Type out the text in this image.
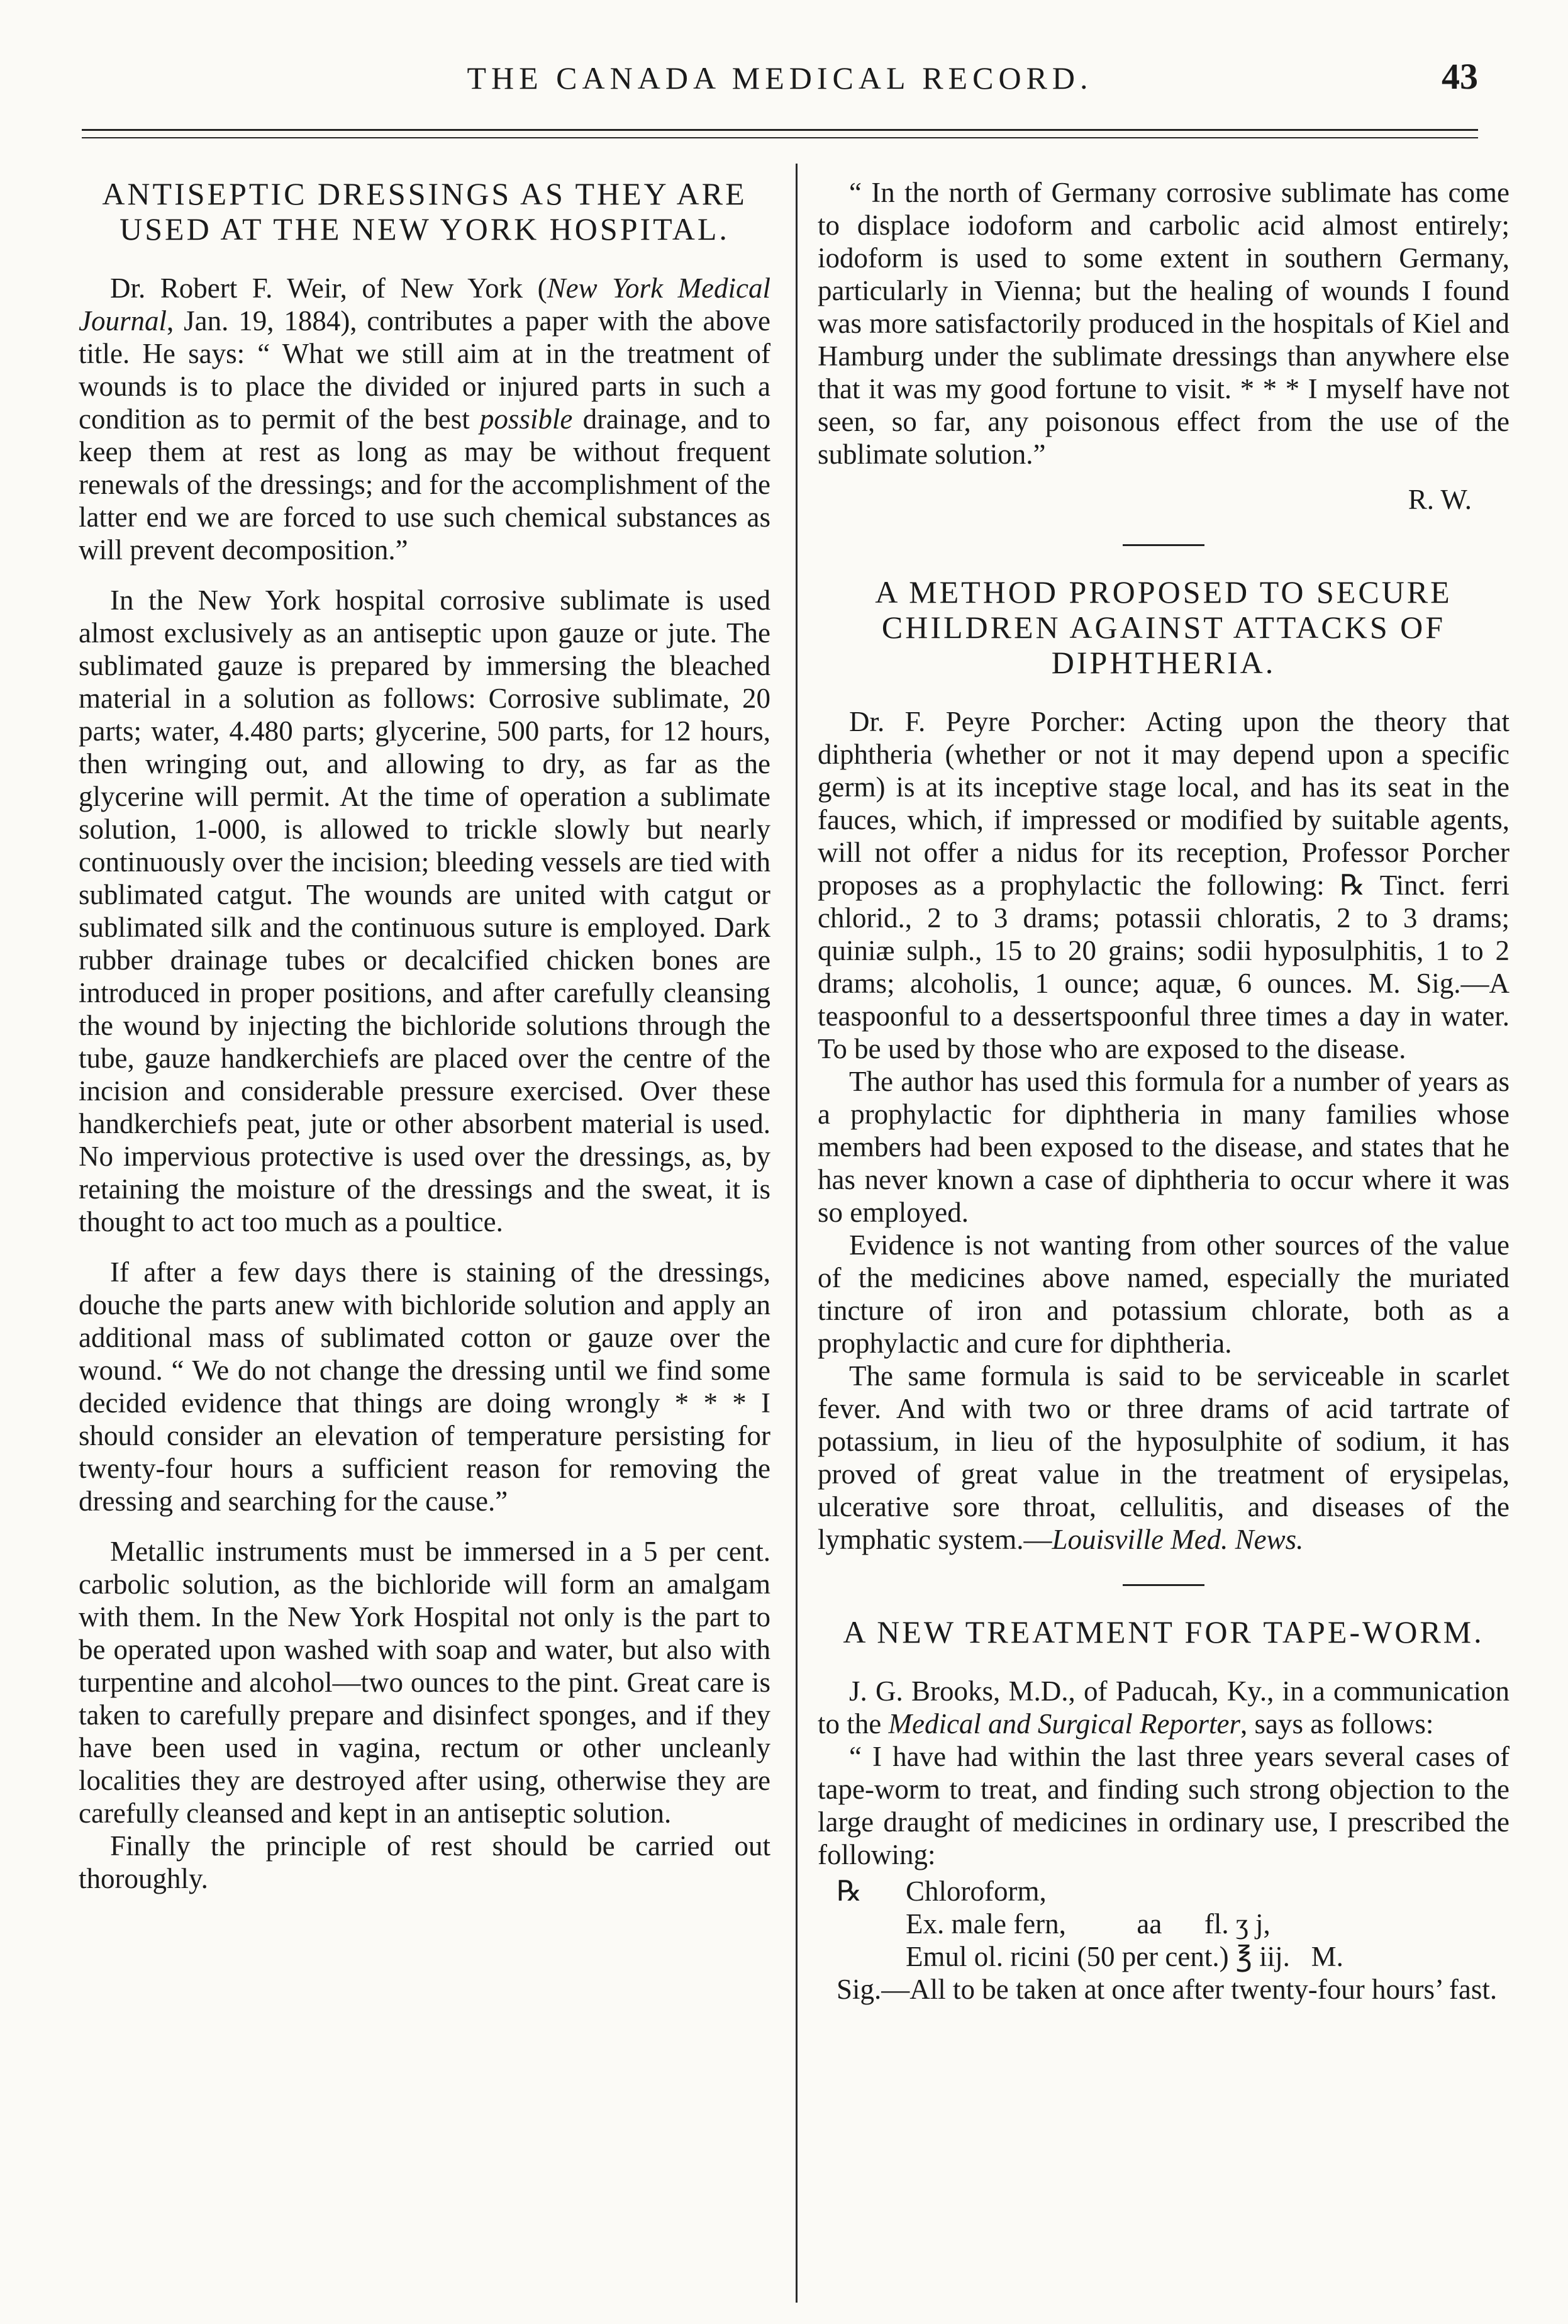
THE CANADA MEDICAL RECORD.	43
ANTISEPTIC DRESSINGS AS THEY ARE USED AT THE NEW YORK HOSPITAL.

Dr. Robert F. Weir, of New York (New York Medical Journal, Jan. 19, 1884), contributes a paper with the above title. He says: “ What we still aim at in the treatment of wounds is to place the divided or injured parts in such a condition as to permit of the best possible drainage, and to keep them at rest as long as may be without frequent renewals of the dressings; and for the accomplishment of the latter end we are forced to use such chemical substances as will prevent decomposition.”

In the New York hospital corrosive sublimate is used almost exclusively as an antiseptic upon gauze or jute. The sublimated gauze is prepared by immersing the bleached material in a solution as follows: Corrosive sublimate, 20 parts; water, 4.480 parts; glycerine, 500 parts, for 12 hours, then wringing out, and allowing to dry, as far as the glycerine will permit. At the time of operation a sublimate solution, 1-000, is allowed to trickle slowly but nearly continuously over the incision; bleeding vessels are tied with sublimated catgut. The wounds are united with catgut or sublimated silk and the continuous suture is employed. Dark rubber drainage tubes or decalcified chicken bones are introduced in proper positions, and after carefully cleansing the wound by injecting the bichloride solutions through the tube, gauze handkerchiefs are placed over the centre of the incision and considerable pressure exercised. Over these handkerchiefs peat, jute or other absorbent material is used. No impervious protective is used over the dressings, as, by retaining the moisture of the dressings and the sweat, it is thought to act too much as a poultice.

If after a few days there is staining of the dressings, douche the parts anew with bichloride solution and apply an additional mass of sublimated cotton or gauze over the wound. “ We do not change the dressing until we find some decided evidence that things are doing wrongly * * * I should consider an elevation of temperature persisting for twenty-four hours a sufficient reason for removing the dressing and searching for the cause.”

Metallic instruments must be immersed in a 5 per cent. carbolic solution, as the bichloride will form an amalgam with them. In the New York Hospital not only is the part to be operated upon washed with soap and water, but also with turpentine and alcohol—two ounces to the pint. Great care is taken to carefully prepare and disinfect sponges, and if they have been used in vagina, rectum or other uncleanly localities they are destroyed after using, otherwise they are carefully cleansed and kept in an antiseptic solution.

Finally the principle of rest should be carried out thoroughly.

“ In the north of Germany corrosive sublimate has come to displace iodoform and carbolic acid almost entirely; iodoform is used to some extent in southern Germany, particularly in Vienna; but the healing of wounds I found was more satisfactorily produced in the hospitals of Kiel and Hamburg under the sublimate dressings than anywhere else that it was my good fortune to visit. * * * I myself have not seen, so far, any poisonous effect from the use of the sublimate solution.”

R. W.
A METHOD PROPOSED TO SECURE CHILDREN AGAINST ATTACKS OF DIPHTHERIA.

Dr. F. Peyre Porcher: Acting upon the theory that diphtheria (whether or not it may depend upon a specific germ) is at its inceptive stage local, and has its seat in the fauces, which, if impressed or modified by suitable agents, will not offer a nidus for its reception, Professor Porcher proposes as a prophylactic the following: ℞ Tinct. ferri chlorid., 2 to 3 drams; potassii chloratis, 2 to 3 drams; quiniæ sulph., 15 to 20 grains; sodii hyposulphitis, 1 to 2 drams; alcoholis, 1 ounce; aquæ, 6 ounces. M. Sig.—A teaspoonful to a dessertspoonful three times a day in water. To be used by those who are exposed to the disease.

The author has used this formula for a number of years as a prophylactic for diphtheria in many families whose members had been exposed to the disease, and states that he has never known a case of diphtheria to occur where it was so employed.

Evidence is not wanting from other sources of the value of the medicines above named, especially the muriated tincture of iron and potassium chlorate, both as a prophylactic and cure for diphtheria.

The same formula is said to be serviceable in scarlet fever. And with two or three drams of acid tartrate of potassium, in lieu of the hyposulphite of sodium, it has proved of great value in the treatment of erysipelas, ulcerative sore throat, cellulitis, and diseases of the lymphatic system.—Louisville Med. News.

A NEW TREATMENT FOR TAPE-WORM.

J. G. Brooks, M.D., of Paducah, Ky., in a communication to the Medical and Surgical Reporter, says as follows:

“ I have had within the last three years several cases of tape-worm to treat, and finding such strong objection to the large draught of medicines in ordinary use, I prescribed the following:

℞	Chloroform,
Ex. male fern,          aa      fl. ʒ j,
Emul ol. ricini (50 per cent.) ℥ iij.   M.

Sig.—All to be taken at once after twenty-four hours’ fast.
